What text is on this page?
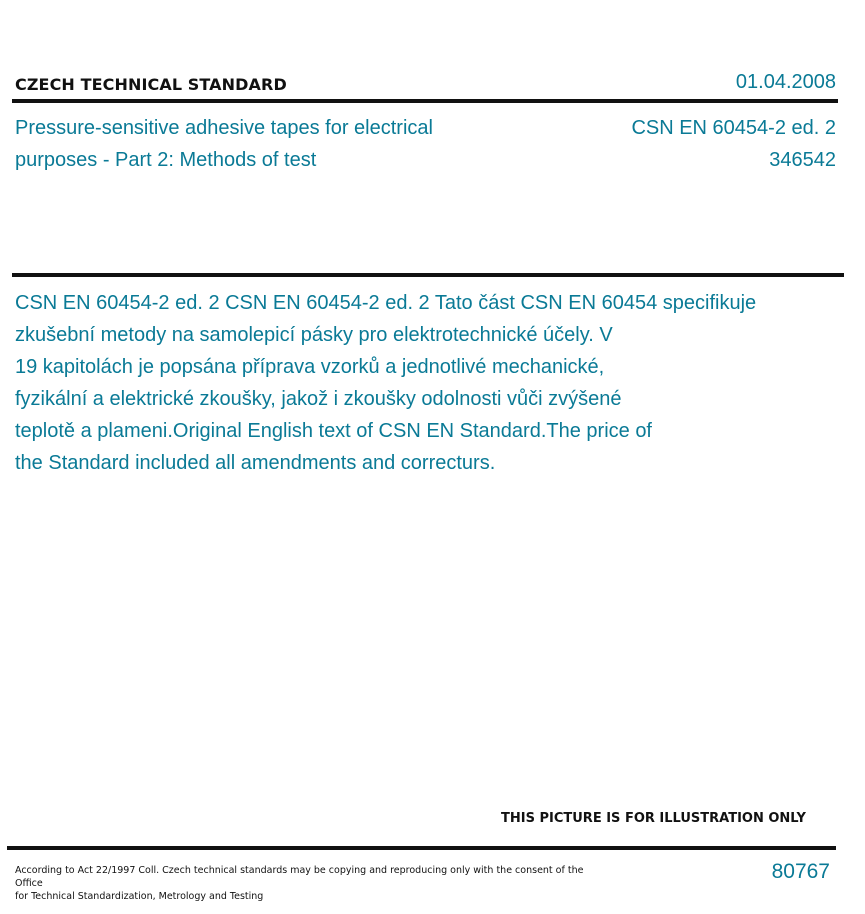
CZECH TECHNICAL STANDARD	01.04.2008
Pressure-sensitive adhesive tapes for electrical
purposes - Part 2: Methods of test
CSN EN 60454-2 ed. 2
346542
CSN EN 60454-2 ed. 2 CSN EN 60454-2 ed. 2 Tato část CSN EN 60454 specifikuje
zkušební metody na samolepicí pásky pro elektrotechnické účely. V
19 kapitolách je popsána příprava vzorků a jednotlivé mechanické,
fyzikální a elektrické zkoušky, jakož i zkoušky odolnosti vůči zvýšené
teplotě a plameni.Original English text of CSN EN Standard.The price of
the Standard included all amendments and correcturs.
THIS PICTURE IS FOR ILLUSTRATION ONLY
According to Act 22/1997 Coll. Czech technical standards may be copying and reproducing only with the consent of the Office
for Technical Standardization, Metrology and Testing
80767
